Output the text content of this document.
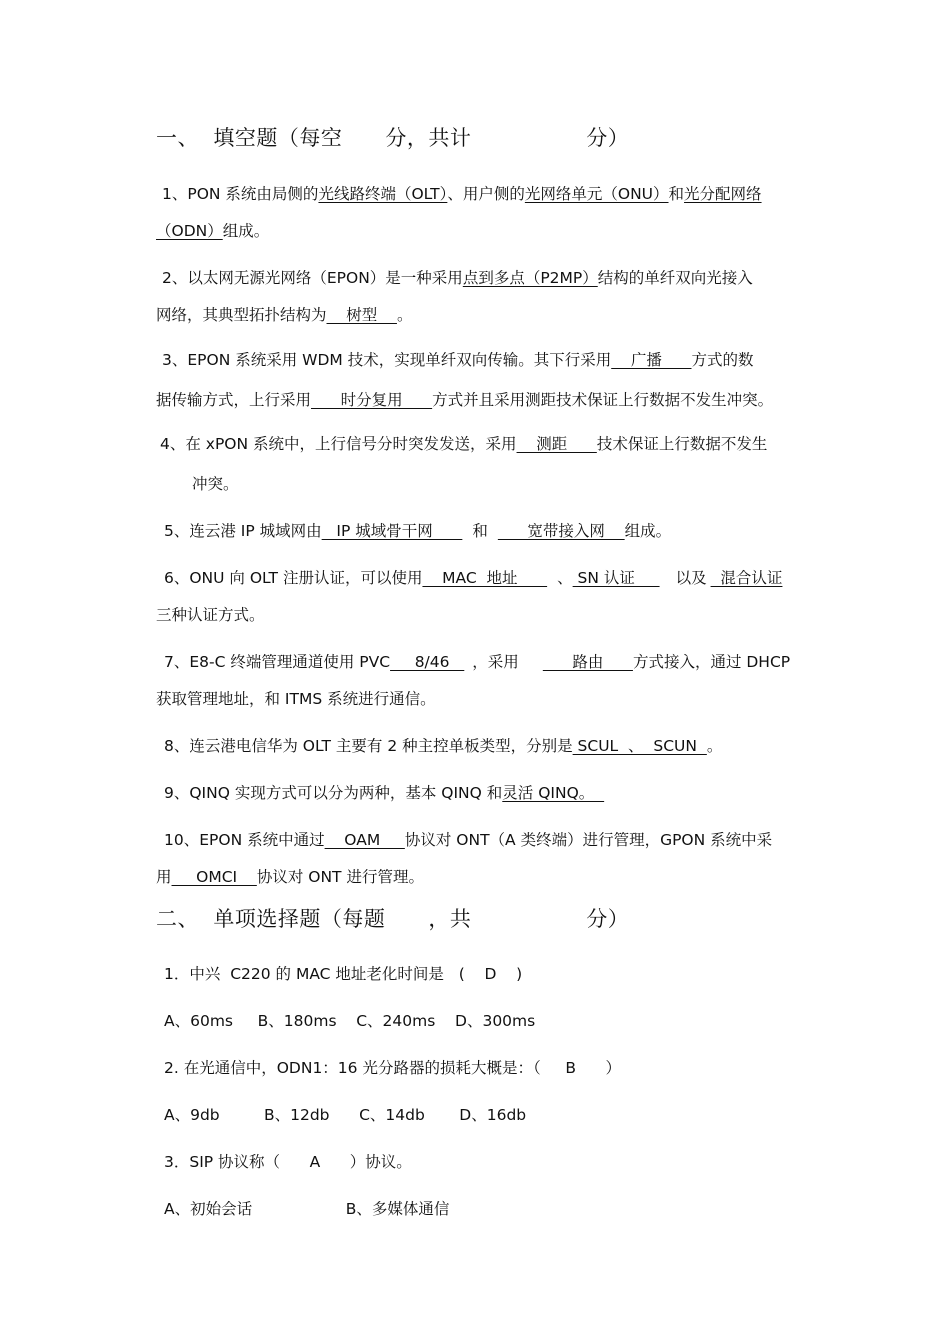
一、  填空题（每空      分，共计                分）
1、PON 系统由局侧的光线路终端（OLT）、用户侧的光网络单元（ONU）和光分配网络
（ODN）组成。
2、以太网无源光网络（EPON）是一种采用点到多点（P2MP）结构的单纤双向光接入
网络，其典型拓扑结构为    树型    。
3、EPON 系统采用 WDM 技术，实现单纤双向传输。其下行采用    广播      方式的数
据传输方式，上行采用      时分复用      方式并且采用测距技术保证上行数据不发生冲突。
4、在 xPON 系统中，上行信号分时突发发送，采用    测距      技术保证上行数据不发生
冲突。
5、连云港 IP 城域网由   IP 城域骨干网      和      宽带接入网    组成。
6、ONU 向 OLT 注册认证，可以使用    MAC  地址      、 SN 认证     以及  混合认证
三种认证方式。
7、E8-C 终端管理通道使用 PVC     8/46   ，采用      路由      方式接入，通过 DHCP
获取管理地址，和 ITMS 系统进行通信。
8、连云港电信华为 OLT 主要有 2 种主控单板类型，分别是 SCUL  、  SCUN  。
9、QINQ 实现方式可以分为两种，基本 QINQ 和灵活 QINQ。
10、EPON 系统中通过    OAM     协议对 ONT（A 类终端）进行管理，GPON 系统中采
用     OMCI    协议对 ONT 进行管理。
二、  单项选择题（每题      ，共                分）
1．中兴  C220 的 MAC 地址老化时间是   (    D    )
A、60ms     B、180ms    C、240ms    D、300ms
2. 在光通信中，ODN1：16 光分路器的损耗大概是：（     B      ）
A、9db         B、12db      C、14db       D、16db
3．SIP 协议称（      A      ）协议。
A、初始会话                   B、多媒体通信
